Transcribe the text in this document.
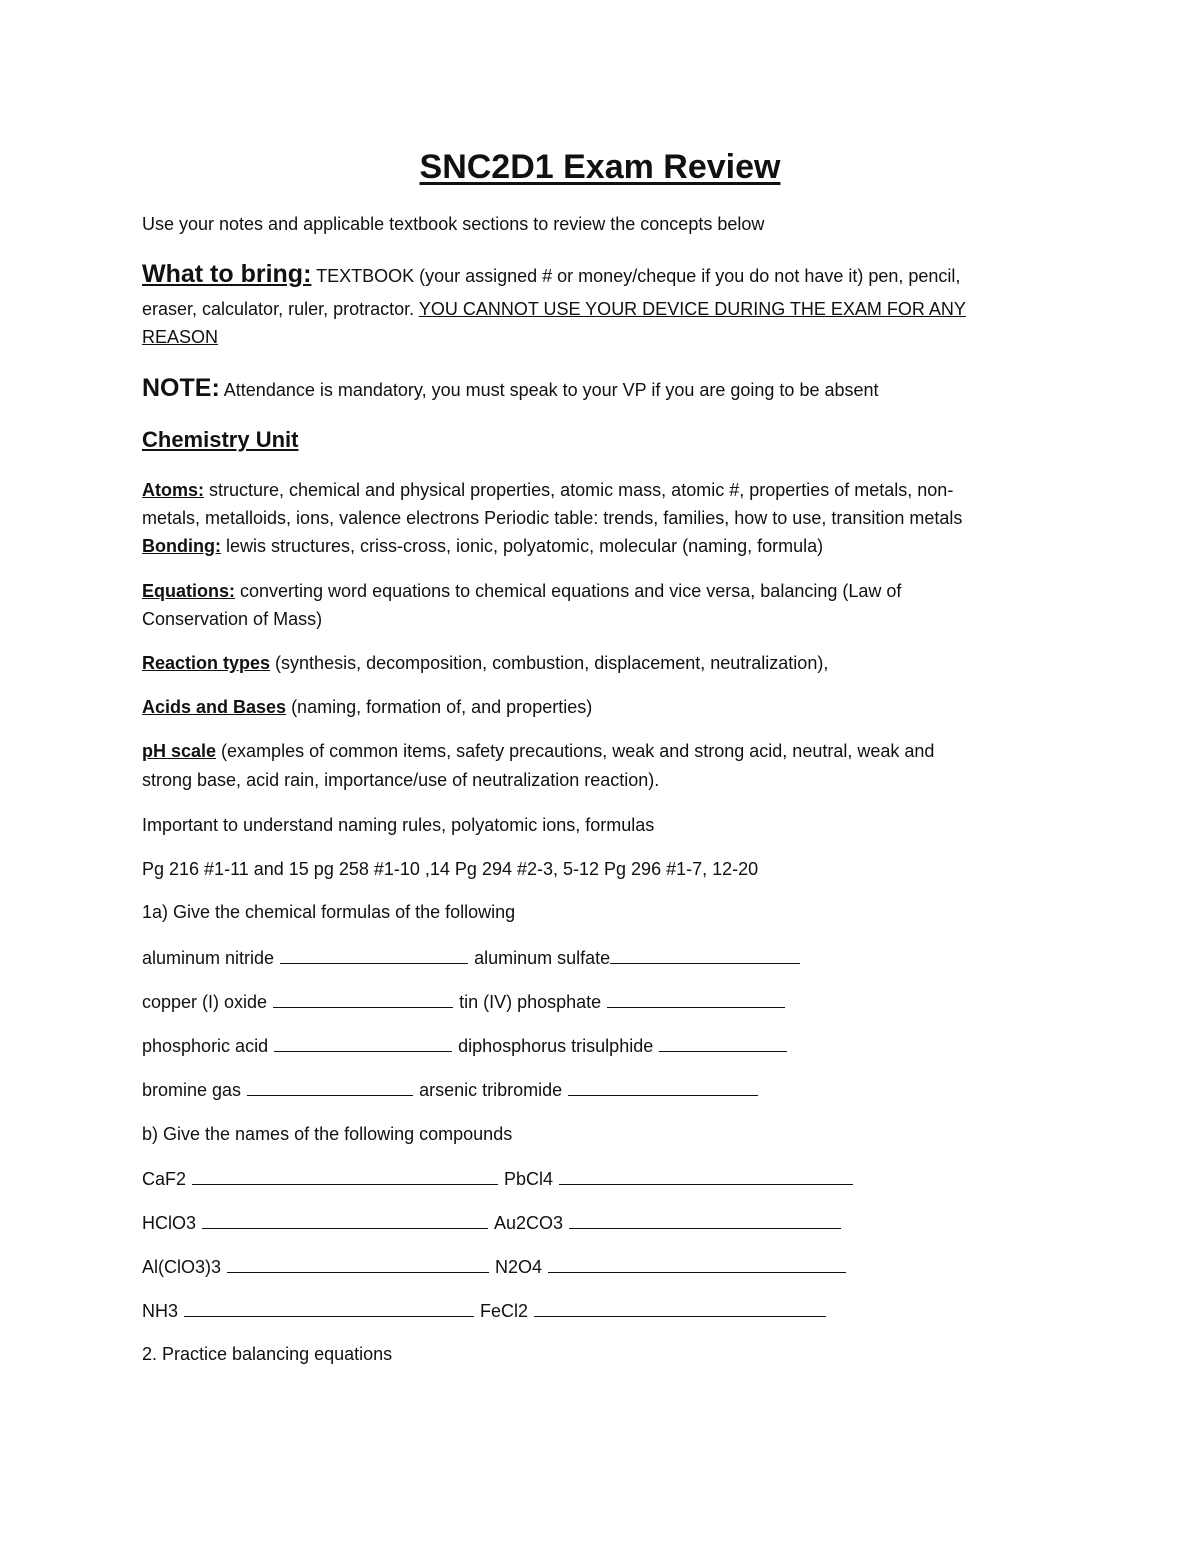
SNC2D1 Exam Review
Use your notes and applicable textbook sections to review the concepts below
What to bring: TEXTBOOK (your assigned # or money/cheque if you do not have it) pen, pencil,
eraser, calculator, ruler, protractor. YOU CANNOT USE YOUR DEVICE DURING THE EXAM FOR ANY
REASON
NOTE: Attendance is mandatory, you must speak to your VP if you are going to be absent
Chemistry Unit
Atoms: structure, chemical and physical properties, atomic mass, atomic #, properties of metals, non-
metals, metalloids, ions, valence electrons Periodic table: trends, families, how to use, transition metals
Bonding: lewis structures, criss-cross, ionic, polyatomic, molecular (naming, formula)
Equations: converting word equations to chemical equations and vice versa, balancing (Law of
Conservation of Mass)
Reaction types (synthesis, decomposition, combustion, displacement, neutralization),
Acids and Bases (naming, formation of, and properties)
pH scale (examples of common items, safety precautions, weak and strong acid, neutral, weak and
strong base, acid rain, importance/use of neutralization reaction).
Important to understand naming rules, polyatomic ions, formulas
Pg 216 #1-11 and 15 pg 258 #1-10 ,14 Pg 294 #2-3, 5-12 Pg 296 #1-7, 12-20
1a) Give the chemical formulas of the following
aluminum nitride	aluminum sulfate
copper (I) oxide	tin (IV) phosphate
phosphoric acid	diphosphorus trisulphide
bromine gas	arsenic tribromide
b) Give the names of the following compounds
CaF2	PbCl4
HClO3	Au2CO3
Al(ClO3)3	N2O4
NH3	FeCl2
2. Practice balancing equations
